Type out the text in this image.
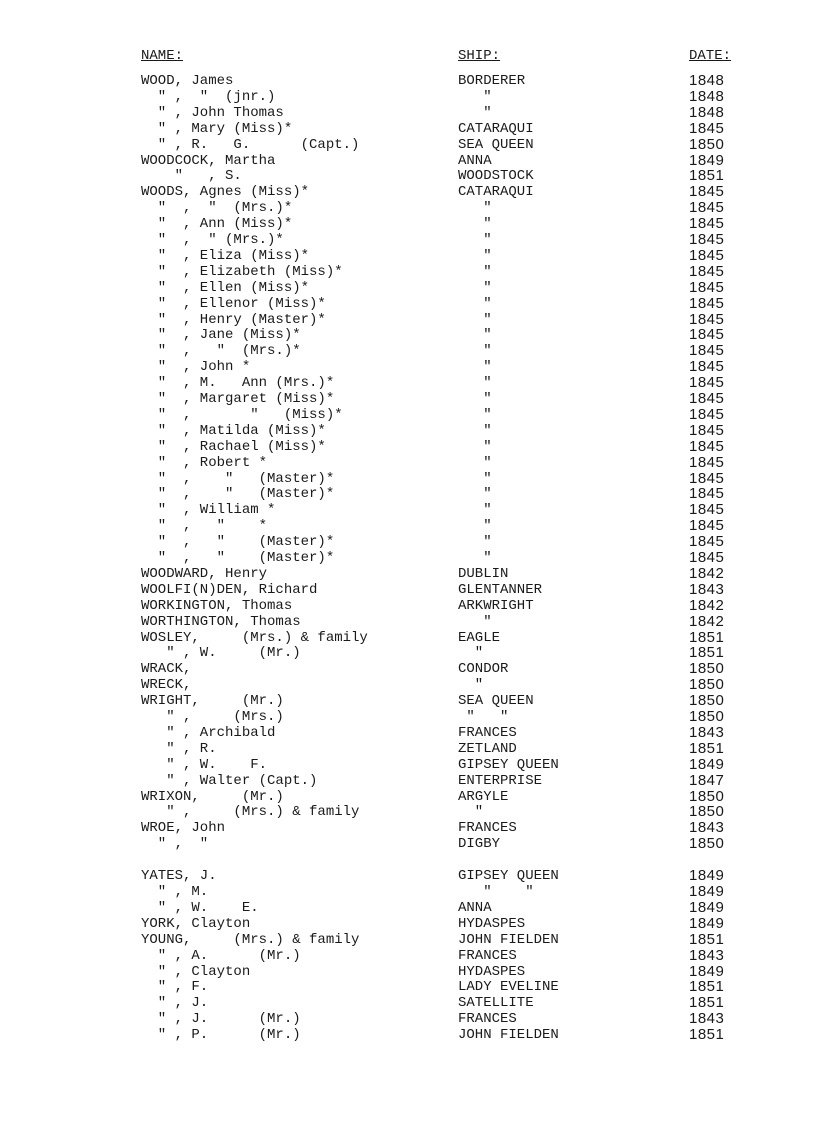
NAME:	SHIP:	DATE:
WOOD, James	BORDERER	1848
" ,  "  (jnr.)	"	1848
" , John Thomas	"	1848
" , Mary (Miss)*	CATARAQUI	1845
" , R.   G.      (Capt.)	SEA QUEEN	1850
WOODCOCK, Martha	ANNA	1849
"   , S.	WOODSTOCK	1851
WOODS, Agnes (Miss)*	CATARAQUI	1845
"  ,  "  (Mrs.)*	"	1845
"  , Ann (Miss)*	"	1845
"  ,  " (Mrs.)*	"	1845
"  , Eliza (Miss)*	"	1845
"  , Elizabeth (Miss)*	"	1845
"  , Ellen (Miss)*	"	1845
"  , Ellenor (Miss)*	"	1845
"  , Henry (Master)*	"	1845
"  , Jane (Miss)*	"	1845
"  ,   "  (Mrs.)*	"	1845
"  , John *	"	1845
"  , M.   Ann (Mrs.)*	"	1845
"  , Margaret (Miss)*	"	1845
"  ,       "   (Miss)*	"	1845
"  , Matilda (Miss)*	"	1845
"  , Rachael (Miss)*	"	1845
"  , Robert *	"	1845
"  ,    "   (Master)*	"	1845
"  ,    "   (Master)*	"	1845
"  , William *	"	1845
"  ,   "    *	"	1845
"  ,   "    (Master)*	"	1845
"  ,   "    (Master)*	"	1845
WOODWARD, Henry	DUBLIN	1842
WOOLFI(N)DEN, Richard	GLENTANNER	1843
WORKINGTON, Thomas	ARKWRIGHT	1842
WORTHINGTON, Thomas	"	1842
WOSLEY,     (Mrs.) & family	EAGLE	1851
" , W.     (Mr.)	"	1851
WRACK,	CONDOR	1850
WRECK,	"	1850
WRIGHT,     (Mr.)	SEA QUEEN	1850
" ,     (Mrs.)	"   "	1850
" , Archibald	FRANCES	1843
" , R.	ZETLAND	1851
" , W.    F.	GIPSEY QUEEN	1849
" , Walter (Capt.)	ENTERPRISE	1847
WRIXON,     (Mr.)	ARGYLE	1850
" ,     (Mrs.) & family	"	1850
WROE, John	FRANCES	1843
" ,  "	DIGBY	1850
YATES, J.	GIPSEY QUEEN	1849
" , M.	"    "	1849
" , W.    E.	ANNA	1849
YORK, Clayton	HYDASPES	1849
YOUNG,     (Mrs.) & family	JOHN FIELDEN	1851
" , A.      (Mr.)	FRANCES	1843
" , Clayton	HYDASPES	1849
" , F.	LADY EVELINE	1851
" , J.	SATELLITE	1851
" , J.      (Mr.)	FRANCES	1843
" , P.      (Mr.)	JOHN FIELDEN	1851
